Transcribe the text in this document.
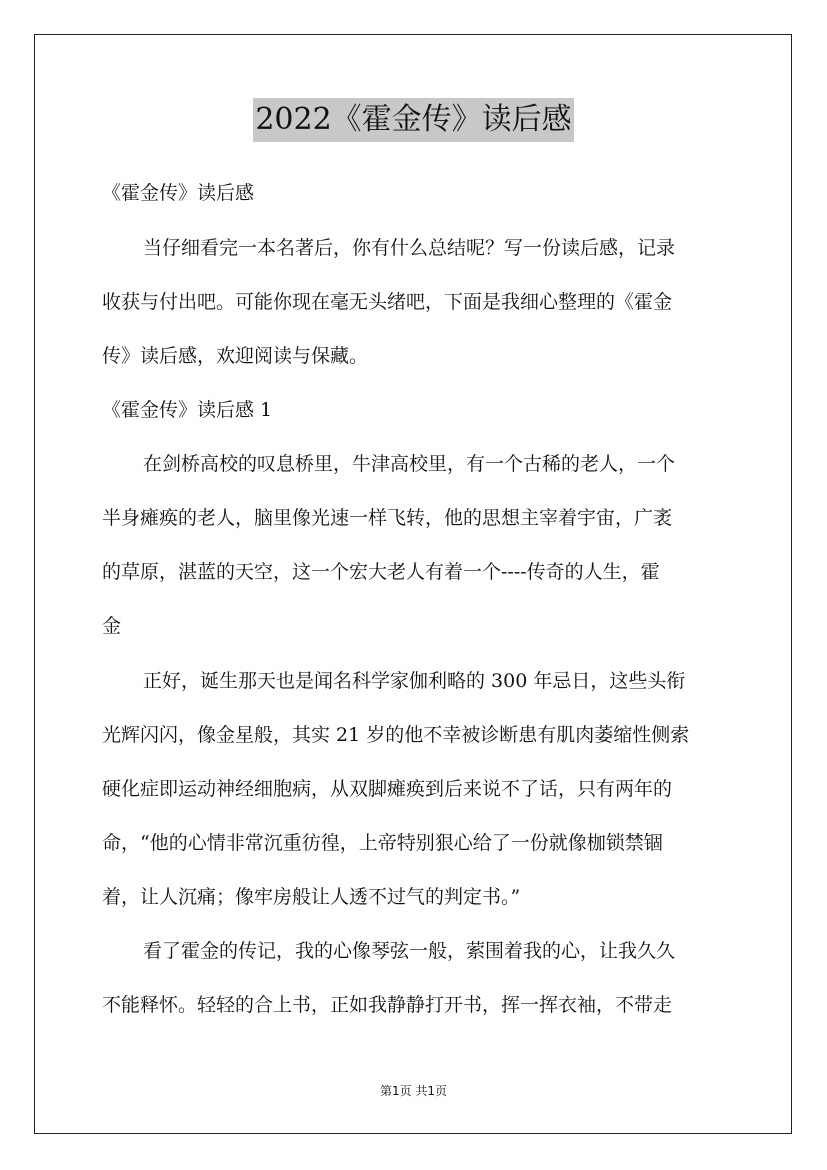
2022《霍金传》读后感
《霍金传》读后感
当仔细看完一本名著后，你有什么总结呢？写一份读后感，记录
收获与付出吧。可能你现在毫无头绪吧，下面是我细心整理的《霍金
传》读后感，欢迎阅读与保藏。
《霍金传》读后感 1
在剑桥高校的叹息桥里，牛津高校里，有一个古稀的老人，一个
半身瘫痪的老人，脑里像光速一样飞转，他的思想主宰着宇宙，广袤
的草原，湛蓝的天空，这一个宏大老人有着一个----传奇的人生，霍
金
正好，诞生那天也是闻名科学家伽利略的 300 年忌日，这些头衔
光辉闪闪，像金星般，其实 21 岁的他不幸被诊断患有肌肉萎缩性侧索
硬化症即运动神经细胞病，从双脚瘫痪到后来说不了话，只有两年的
命，“他的心情非常沉重彷徨，上帝特别狠心给了一份就像枷锁禁锢
着，让人沉痛；像牢房般让人透不过气的判定书。”
看了霍金的传记，我的心像琴弦一般，萦围着我的心，让我久久
不能释怀。轻轻的合上书，正如我静静打开书，挥一挥衣袖，不带走
第1页 共1页
